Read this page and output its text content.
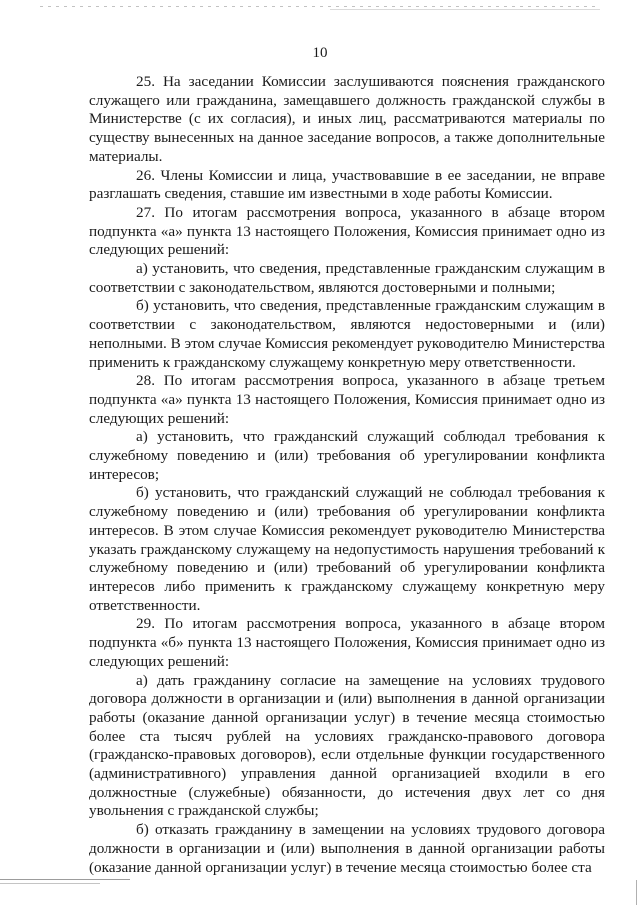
10

25. На заседании Комиссии заслушиваются пояснения гражданского служащего или гражданина, замещавшего должность гражданской службы в Министерстве (с их согласия), и иных лиц, рассматриваются материалы по существу вынесенных на данное заседание вопросов, а также дополнительные материалы.

26. Члены Комиссии и лица, участвовавшие в ее заседании, не вправе разглашать сведения, ставшие им известными в ходе работы Комиссии.

27. По итогам рассмотрения вопроса, указанного в абзаце втором подпункта «а» пункта 13 настоящего Положения, Комиссия принимает одно из следующих решений:

а) установить, что сведения, представленные гражданским служащим в соответствии с законодательством, являются достоверными и полными;

б) установить, что сведения, представленные гражданским служащим в соответствии с законодательством, являются недостоверными и (или) неполными. В этом случае Комиссия рекомендует руководителю Министерства применить к гражданскому служащему конкретную меру ответственности.

28. По итогам рассмотрения вопроса, указанного в абзаце третьем подпункта «а» пункта 13 настоящего Положения, Комиссия принимает одно из следующих решений:

а) установить, что гражданский служащий соблюдал требования к служебному поведению и (или) требования об урегулировании конфликта интересов;

б) установить, что гражданский служащий не соблюдал требования к служебному поведению и (или) требования об урегулировании конфликта интересов. В этом случае Комиссия рекомендует руководителю Министерства указать гражданскому служащему на недопустимость нарушения требований к служебному поведению и (или) требований об урегулировании конфликта интересов либо применить к гражданскому служащему конкретную меру ответственности.

29. По итогам рассмотрения вопроса, указанного в абзаце втором подпункта «б» пункта 13 настоящего Положения, Комиссия принимает одно из следующих решений:

а) дать гражданину согласие на замещение на условиях трудового договора должности в организации и (или) выполнения в данной организации работы (оказание данной организации услуг) в течение месяца стоимостью более ста тысяч рублей на условиях гражданско-правового договора (гражданско-правовых договоров), если отдельные функции государственного (административного) управления данной организацией входили в его должностные (служебные) обязанности, до истечения двух лет со дня увольнения с гражданской службы;

б) отказать гражданину в замещении на условиях трудового договора должности в организации и (или) выполнения в данной организации работы (оказание данной организации услуг) в течение месяца стоимостью более ста
